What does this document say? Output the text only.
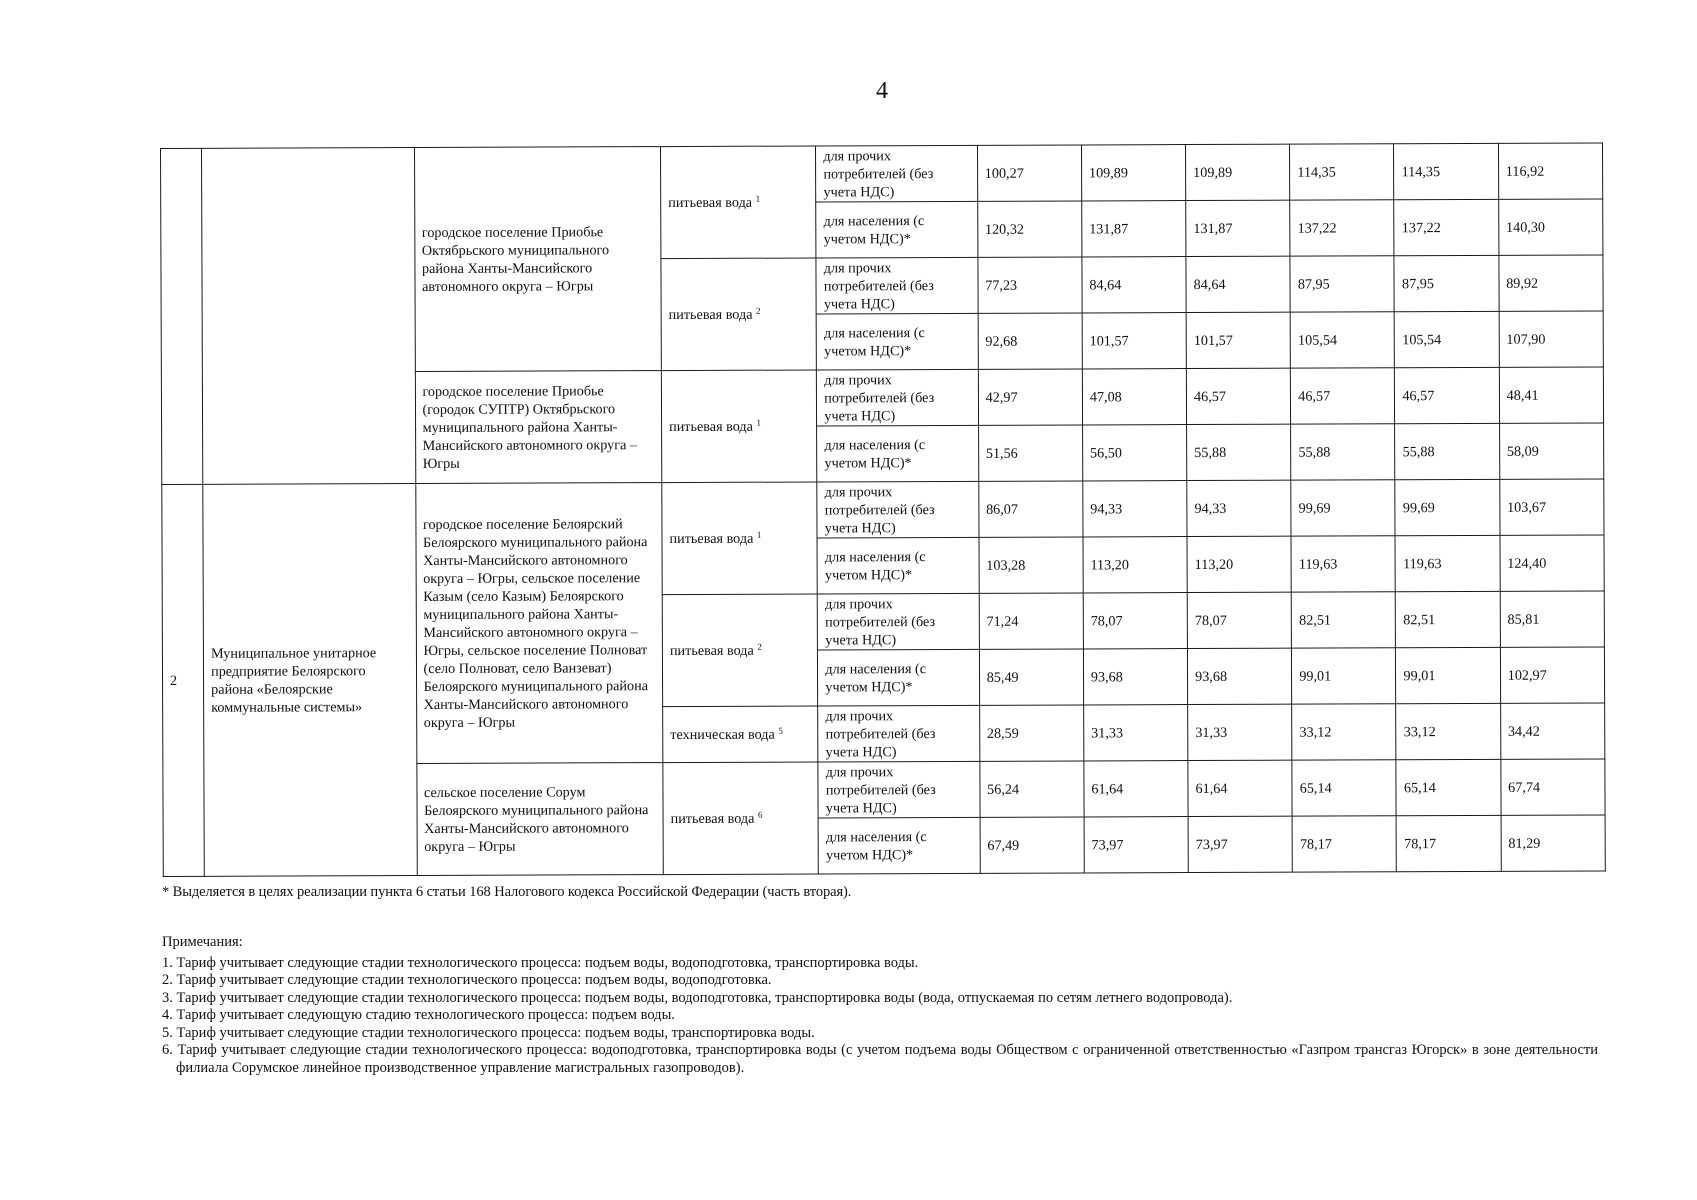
4
		городское поселение Приобье Октябрьского муниципального района Ханты-Мансийского автономного округа – Югры	питьевая вода $^1$	для прочих потребителей (без учета НДС)	100,27	109,89	109,89	114,35	114,35	116,92
				для населения (с учетом НДС)*	120,32	131,87	131,87	137,22	137,22	140,30
			питьевая вода $^2$	для прочих потребителей (без учета НДС)	77,23	84,64	84,64	87,95	87,95	89,92
				для населения (с учетом НДС)*	92,68	101,57	101,57	105,54	105,54	107,90
		городское поселение Приобье (городок СУПТР) Октябрьского муниципального района Ханты-Мансийского автономного округа – Югры	питьевая вода $^1$	для прочих потребителей (без учета НДС)	42,97	47,08	46,57	46,57	46,57	48,41
				для населения (с учетом НДС)*	51,56	56,50	55,88	55,88	55,88	58,09
2	Муниципальное унитарное предприятие Белоярского района «Белоярские коммунальные системы»	городское поселение Белоярский Белоярского муниципального района Ханты-Мансийского автономного округа – Югры, сельское поселение Казым (село Казым) Белоярского муниципального района Ханты-Мансийского автономного округа – Югры, сельское поселение Полноват (село Полноват, село Ванзеват) Белоярского муниципального района Ханты-Мансийского автономного округа – Югры	питьевая вода $^1$	для прочих потребителей (без учета НДС)	86,07	94,33	94,33	99,69	99,69	103,67
				для населения (с учетом НДС)*	103,28	113,20	113,20	119,63	119,63	124,40
			питьевая вода $^2$	для прочих потребителей (без учета НДС)	71,24	78,07	78,07	82,51	82,51	85,81
				для населения (с учетом НДС)*	85,49	93,68	93,68	99,01	99,01	102,97
			техническая вода $^5$	для прочих потребителей (без учета НДС)	28,59	31,33	31,33	33,12	33,12	34,42
		сельское поселение Сорум Белоярского муниципального района Ханты-Мансийского автономного округа – Югры	питьевая вода $^6$	для прочих потребителей (без учета НДС)	56,24	61,64	61,64	65,14	65,14	67,74
				для населения (с учетом НДС)*	67,49	73,97	73,97	78,17	78,17	81,29
* Выделяется в целях реализации пункта 6 статьи 168 Налогового кодекса Российской Федерации (часть вторая).
Примечания:
1. Тариф учитывает следующие стадии технологического процесса: подъем воды, водоподготовка, транспортировка воды.
2. Тариф учитывает следующие стадии технологического процесса: подъем воды, водоподготовка.
3. Тариф учитывает следующие стадии технологического процесса: подъем воды, водоподготовка, транспортировка воды (вода, отпускаемая по сетям летнего водопровода).
4. Тариф учитывает следующую стадию технологического процесса: подъем воды.
5. Тариф учитывает следующие стадии технологического процесса: подъем воды, транспортировка воды.
6. Тариф учитывает следующие стадии технологического процесса: водоподготовка, транспортировка воды (с учетом подъема воды Обществом с ограниченной ответственностью «Газпром трансгаз Югорск» в зоне деятельности филиала Сорумское линейное производственное управление магистральных газопроводов).
